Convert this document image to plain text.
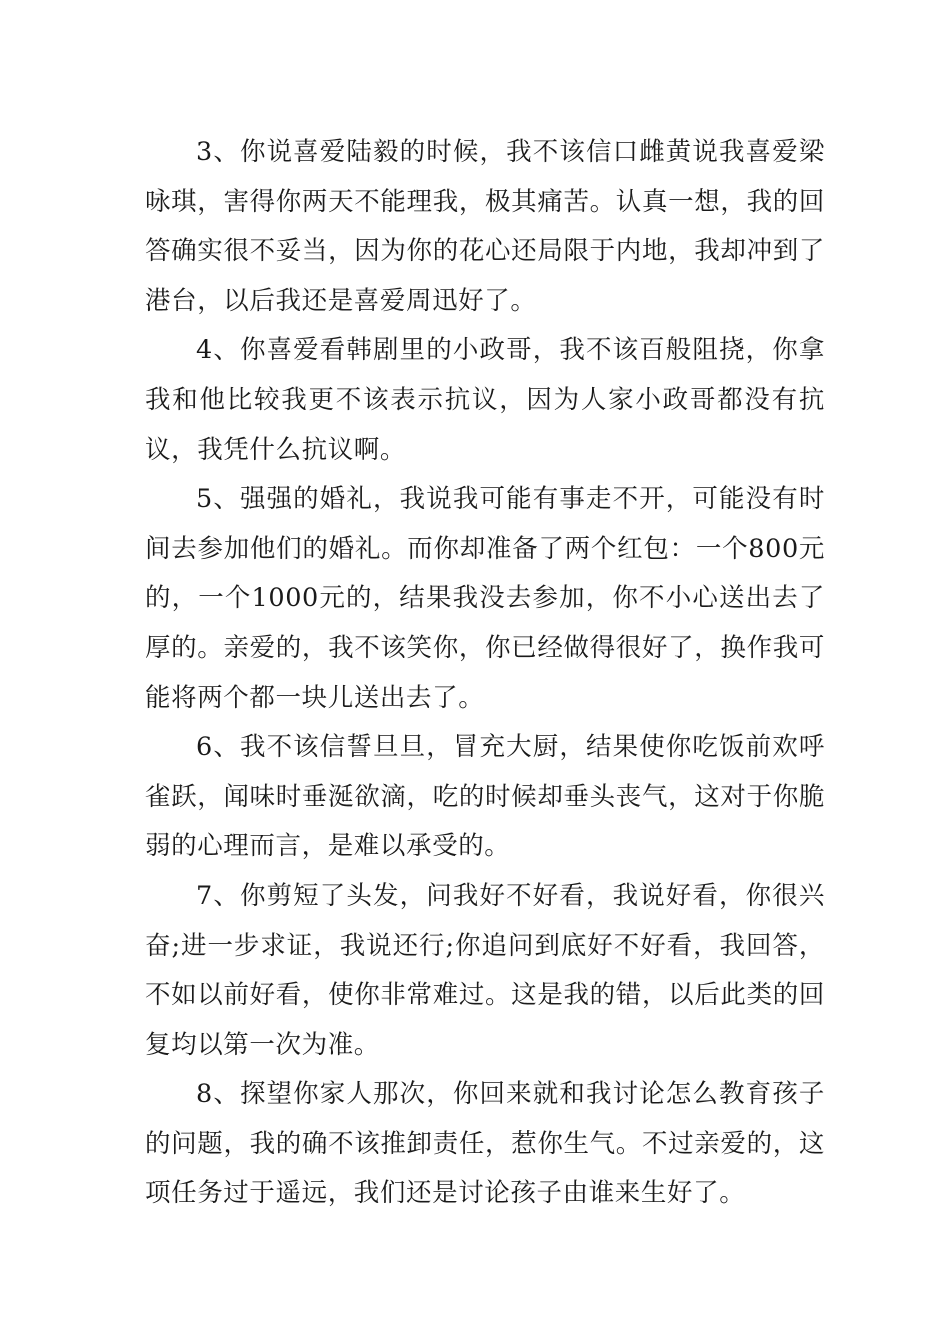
3、你说喜爱陆毅的时候，我不该信口雌黄说我喜爱梁咏琪，害得你两天不能理我，极其痛苦。认真一想，我的回答确实很不妥当，因为你的花心还局限于内地，我却冲到了港台，以后我还是喜爱周迅好了。

4、你喜爱看韩剧里的小政哥，我不该百般阻挠，你拿我和他比较我更不该表示抗议，因为人家小政哥都没有抗议，我凭什么抗议啊。

5、强强的婚礼，我说我可能有事走不开，可能没有时间去参加他们的婚礼。而你却准备了两个红包：一个800元的，一个1000元的，结果我没去参加，你不小心送出去了厚的。亲爱的，我不该笑你，你已经做得很好了，换作我可能将两个都一块儿送出去了。

6、我不该信誓旦旦，冒充大厨，结果使你吃饭前欢呼雀跃，闻味时垂涎欲滴，吃的时候却垂头丧气，这对于你脆弱的心理而言，是难以承受的。

7、你剪短了头发，问我好不好看，我说好看，你很兴奋;进一步求证，我说还行;你追问到底好不好看，我回答，不如以前好看，使你非常难过。这是我的错，以后此类的回复均以第一次为准。

8、探望你家人那次，你回来就和我讨论怎么教育孩子的问题，我的确不该推卸责任，惹你生气。不过亲爱的，这项任务过于遥远，我们还是讨论孩子由谁来生好了。
